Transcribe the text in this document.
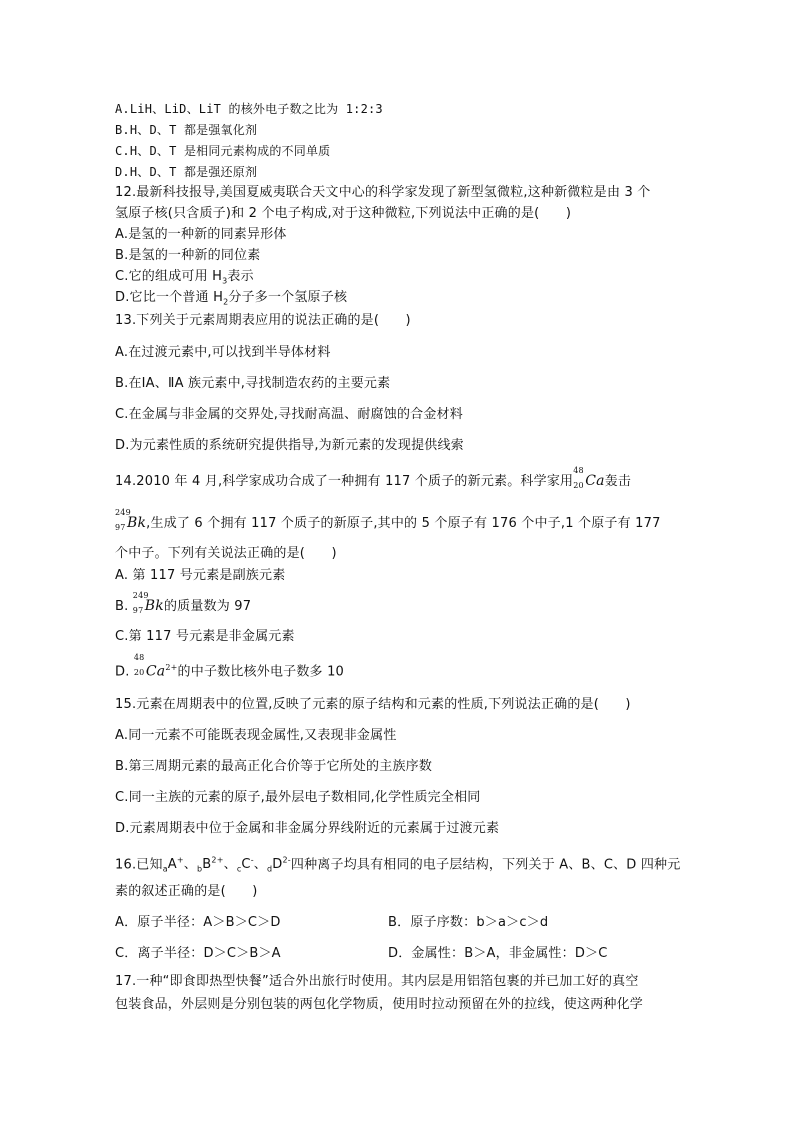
A.LiH、LiD、LiT 的核外电子数之比为 1:2:3
B.H、D、T 都是强氧化剂
C.H、D、T 是相同元素构成的不同单质
D.H、D、T 都是强还原剂
12.最新科技报导,美国夏威夷联合天文中心的科学家发现了新型氢微粒,这种新微粒是由 3 个
氢原子核(只含质子)和 2 个电子构成,对于这种微粒,下列说法中正确的是(　　)
A.是氢的一种新的同素异形体
B.是氢的一种新的同位素
C.它的组成可用 $H_3$表示
D.它比一个普通 $H_2$分子多一个氢原子核
13.下列关于元素周期表应用的说法正确的是(　　)
A.在过渡元素中,可以找到半导体材料
B.在ⅠA、ⅡA 族元素中,寻找制造农药的主要元素
C.在金属与非金属的交界处,寻找耐高温、耐腐蚀的合金材料
D.为元素性质的系统研究提供指导,为新元素的发现提供线索
14.2010 年 4 月,科学家成功合成了一种拥有 117 个质子的新元素。科学家用
48
20 Ca轰击
249
97 Bk,生成了 6 个拥有 117 个质子的新原子,其中的 5 个原子有 176 个中子,1 个原子有 177
个中子。下列有关说法正确的是(　　)
A. 第 117 号元素是副族元素
B.
249
97 Bk的质量数为 97
C.第 117 号元素是非金属元素
D.
48
20 $Ca^{2+}$的中子数比核外电子数多 10
15.元素在周期表中的位置,反映了元素的原子结构和元素的性质,下列说法正确的是(　　)
A.同一元素不可能既表现金属性,又表现非金属性
B.第三周期元素的最高正化合价等于它所处的主族序数
C.同一主族的元素的原子,最外层电子数相同,化学性质完全相同
D.元素周期表中位于金属和非金属分界线附近的元素属于过渡元素
16.已知$_a$A+、$_bB^{2+}$、$_c$C-、$_dD^{2-}$四种离子均具有相同的电子层结构，下列关于 A、B、C、D 四种元
素的叙述正确的是(　　)
A．原子半径：A＞B＞C＞D	B．原子序数：b＞a＞c＞d
C．离子半径：D＞C＞B＞A	D．金属性：B＞A，非金属性：D＞C
17.一种“即食即热型快餐”适合外出旅行时使用。其内层是用铝箔包裹的并已加工好的真空
包装食品，外层则是分别包装的两包化学物质，使用时拉动预留在外的拉线，使这两种化学
